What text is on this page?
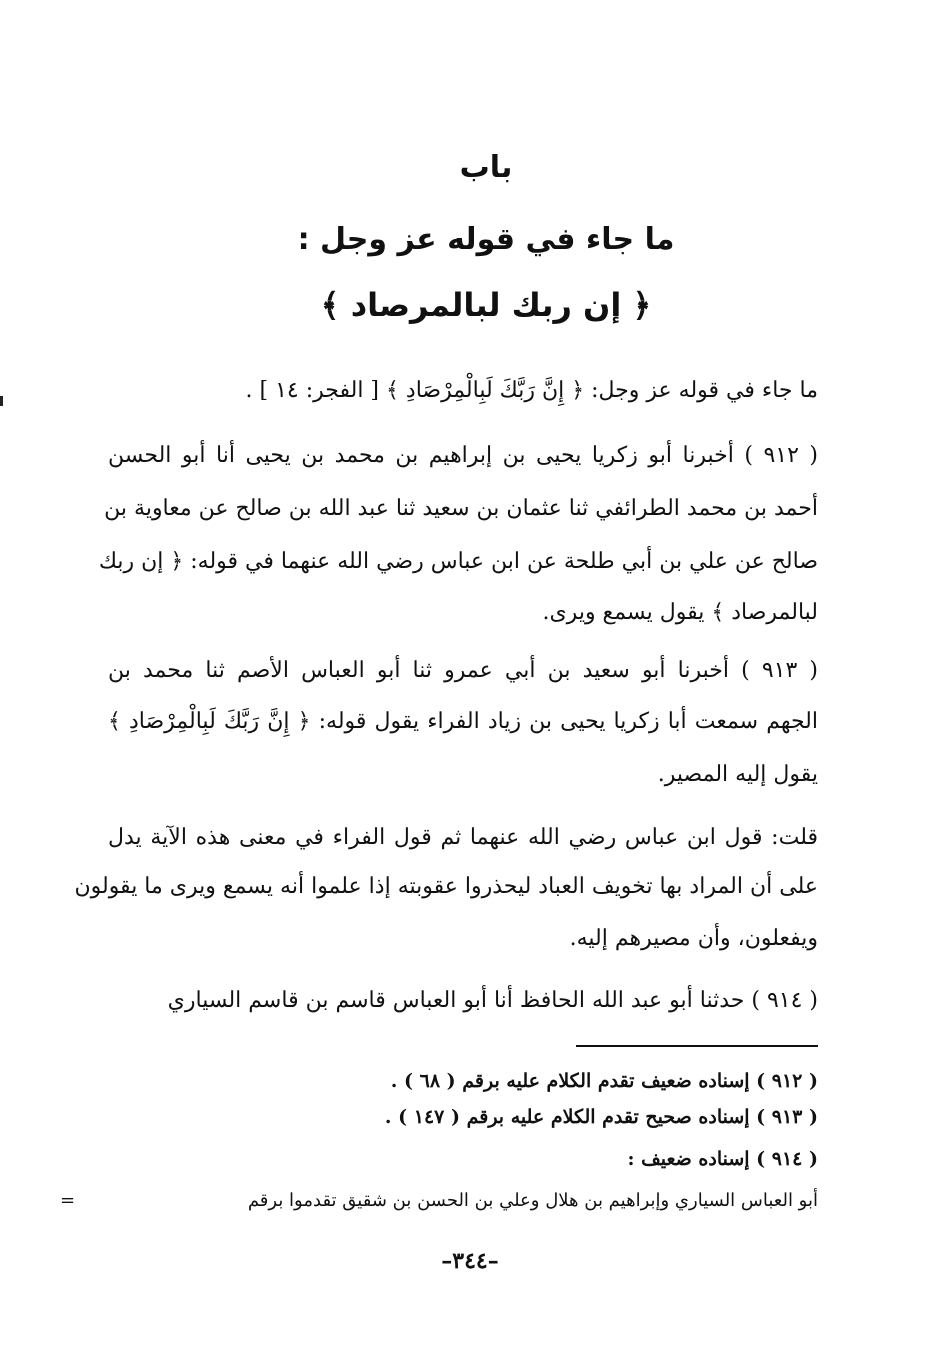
باب
ما جاء في قوله عز وجل :
﴿ إن ربك لبالمرصاد ﴾
ما جاء في قوله عز وجل: ﴿ إِنَّ رَبَّكَ لَبِالْمِرْصَادِ ﴾ [ الفجر: ١٤ ] .
( ٩١٢ ) أخبرنا أبو زكريا يحيى بن إبراهيم بن محمد بن يحيى أنا أبو الحسن
أحمد بن محمد الطرائفي ثنا عثمان بن سعيد ثنا عبد الله بن صالح عن معاوية بن
صالح عن علي بن أبي طلحة عن ابن عباس رضي الله عنهما في قوله: ﴿ إن ربك
لبالمرصاد ﴾ يقول يسمع ويرى.
( ٩١٣ ) أخبرنا أبو سعيد بن أبي عمرو ثنا أبو العباس الأصم ثنا محمد بن
الجهم سمعت أبا زكريا يحيى بن زياد الفراء يقول قوله: ﴿ إِنَّ رَبَّكَ لَبِالْمِرْصَادِ ﴾
يقول إليه المصير.
قلت: قول ابن عباس رضي الله عنهما ثم قول الفراء في معنى هذه الآية يدل
على أن المراد بها تخويف العباد ليحذروا عقوبته إذا علموا أنه يسمع ويرى ما يقولون
ويفعلون، وأن مصيرهم إليه.
( ٩١٤ ) حدثنا أبو عبد الله الحافظ أنا أبو العباس قاسم بن قاسم السياري
( ٩١٢ ) إسناده ضعيف تقدم الكلام عليه برقم ( ٦٨ ) .
( ٩١٣ ) إسناده صحيح تقدم الكلام عليه برقم ( ١٤٧ ) .
( ٩١٤ ) إسناده ضعيف :
أبو العباس السياري وإبراهيم بن هلال وعلي بن الحسن بن شقيق تقدموا برقم
=
–٣٤٤–
